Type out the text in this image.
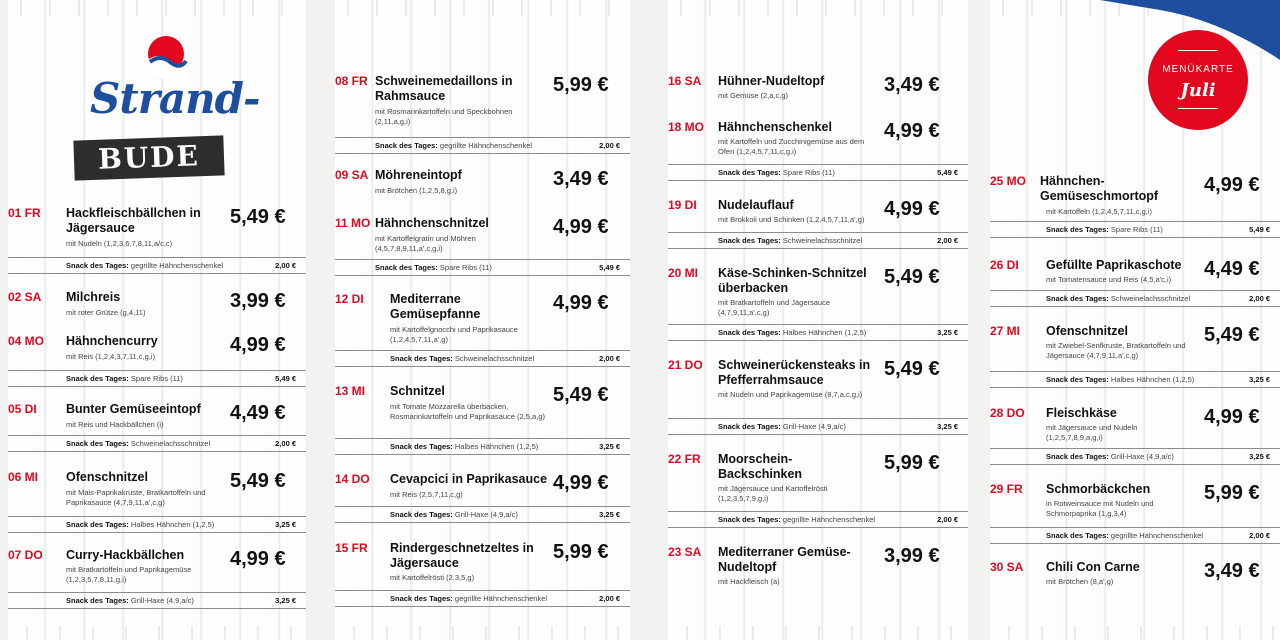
Strand-
BUDE
01 FR Hackfleischbällchen in Jägersauce	5,49 €
mit Nudeln (1,2,3,6,7,8,11,a/c,c)
Snack des Tages: gegrillte Hähnchenschenkel	2,00 €
02 SA Milchreis	3,99 €
mit roter Grütze (g,4,11)
04 MO Hähnchencurry	4,99 €
mit Reis (1,2,4,3,7,11,c,g,i)
Snack des Tages: Spare Ribs (11)	5,49 €
05 DI Bunter Gemüseeintopf	4,49 €
mit Reis und Hackbällchen (i)
Snack des Tages: Schweinelachsschnitzel	2,00 €
06 MI Ofenschnitzel	5,49 €
mit Mais-Paprikakruste, Bratkartoffeln und Paprikasauce (4,7,9,11,a',c,g)
Snack des Tages: Halbes Hähnchen (1,2,5)	3,25 €
07 DO Curry-Hackbällchen	4,99 €
mit Bratkartoffeln und Paprikagemüse (1,2,3,5,7,8,11,g,i)
Snack des Tages: Grill-Haxe (4,9,a/c)	3,25 €
08 FR Schweinemedaillons in Rahmsauce	5,99 €
mit Rosmarinkartoffeln und Speckbohnen (2,11,a,g,i)
Snack des Tages: gegrillte Hähnchenschenkel	2,00 €
09 SA Möhreneintopf	3,49 €
mit Brötchen (1,2,5,8,g,i)
11 MO Hähnchenschnitzel	4,99 €
mit Kartoffelgratin und Möhren (4,5,7,8,9,11,a',c,g,i)
Snack des Tages: Spare Ribs (11)	5,49 €
12 DI Mediterrane Gemüsepfanne	4,99 €
mit Kartoffelgnocchi und Paprikasauce (1,2,4,5,7,11,a',g)
Snack des Tages: Schweinelachsschnitzel	2,00 €
13 MI Schnitzel	5,49 €
mit Tomate Mozzarella überbacken, Rosmarinkartoffeln und Paprikasauce (2,5,a,g)
Snack des Tages: Halbes Hähnchen (1,2,5)	3,25 €
14 DO Cevapcici in Paprikasauce 4,99 €
mit Reis (2,5,7,11,c,g)
Snack des Tages: Grill-Haxe (4,9,a/c)	3,25 €
15 FR Rindergeschnetzeltes in Jägersauce	5,99 €
mit Kartoffelrösti (2,3,5,g)
Snack des Tages: gegrillte Hähnchenschenkel	2,00 €
16 SA Hühner-Nudeltopf	3,49 €
mit Gemüse (2,a,c,g)
18 MO Hähnchenschenkel	4,99 €
mit Kartoffeln und Zucchinigemüse aus dem Ofen (1,2,4,5,7,11,c,g,i)
Snack des Tages: Spare Ribs (11)	5,49 €
19 DI Nudelauflauf	4,99 €
mit Brokkoli und Schinken (1,2,4,5,7,11,a',g)
Snack des Tages: Schweinelachsschnitzel	2,00 €
20 MI Käse-Schinken-Schnitzel überbacken	5,49 €
mit Bratkartoffeln und Jägersauce (4,7,9,11,a',c,g)
Snack des Tages: Halbes Hähnchen (1,2,5)	3,25 €
21 DO Schweinerückensteaks in Pfefferrahmsauce	5,49 €
mit Nudeln und Paprikagemüse (8,7,a,c,g,i)
Snack des Tages: Grill-Haxe (4,9,a/c)	3,25 €
22 FR Moorschein-Backschinken	5,99 €
mit Jägersauce und Kartoffelrösti (1,2,3,5,7,9,g,i)
Snack des Tages: gegrillte Hähnchenschenkel	2,00 €
23 SA Mediterraner Gemüse-Nudeltopf	3,99 €
mit Hackfleisch (a)
MENÜKARTE
Juli
25 MO Hähnchen-Gemüseschmortopf	4,99 €
mit Kartoffeln (1,2,4,5,7,11,c,g,i)
Snack des Tages: Spare Ribs (11)	5,49 €
26 DI Gefüllte Paprikaschote	4,49 €
mit Tomatensauce und Reis (4,5,a'c,i)
Snack des Tages: Schweinelachsschnitzel	2,00 €
27 MI Ofenschnitzel	5,49 €
mit Zwiebel-Senfkruste, Bratkartoffeln und Jägersauce (4,7,9,11,a',c,g)
Snack des Tages: Halbes Hähnchen (1,2,5)	3,25 €
28 DO Fleischkäse	4,99 €
mit Jägersauce und Nudeln (1,2,5,7,8,9,a,g,i)
Snack des Tages: Grill-Haxe (4,9,a/c)	3,25 €
29 FR Schmorbäckchen	5,99 €
in Rotweinsauce mit Nudeln und Schmorpaprika (1,g,3,4)
Snack des Tages: gegrillte Hähnchenschenkel	2,00 €
30 SA Chili Con Carne	3,49 €
mit Brötchen (8,a',g)
